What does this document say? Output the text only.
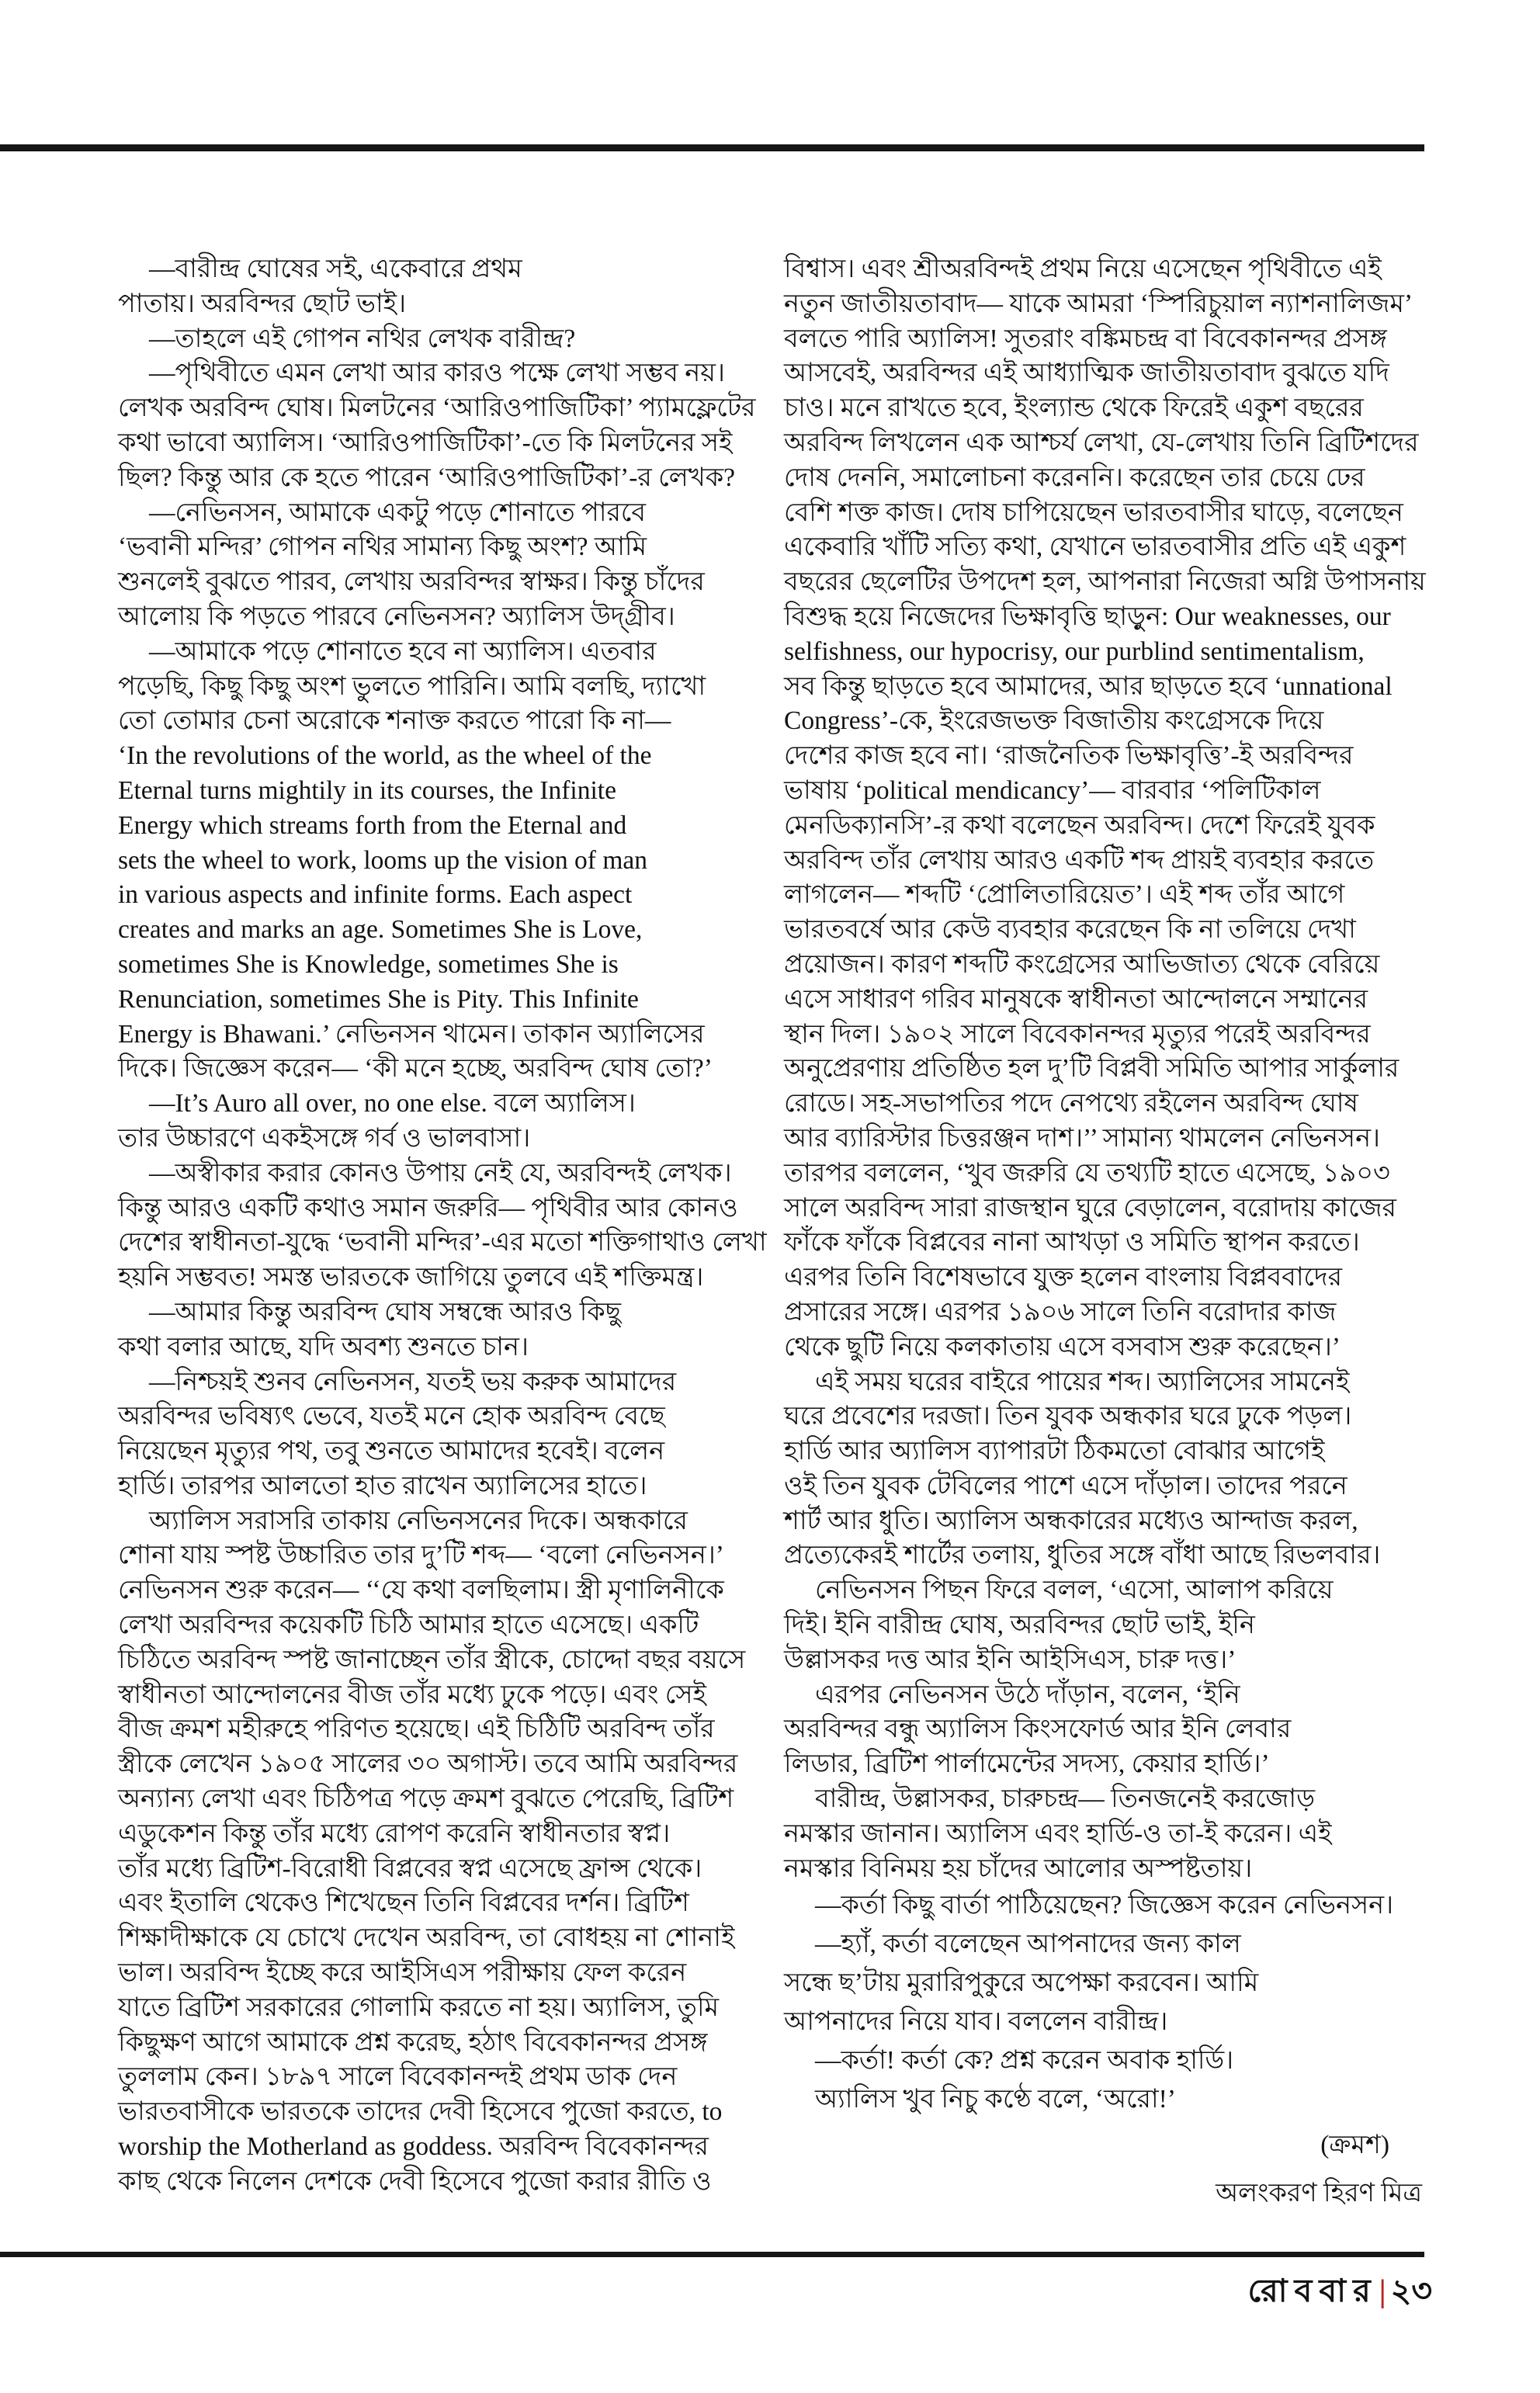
—বারীন্দ্র ঘোষের সই, একেবারে প্রথম
পাতায়। অরবিন্দর ছোট ভাই।
—তাহলে এই গোপন নথির লেখক বারীন্দ্র?
—পৃথিবীতে এমন লেখা আর কারও পক্ষে লেখা সম্ভব নয়।
লেখক অরবিন্দ ঘোষ। মিলটনের ‘আরিওপাজিটিকা’ প্যামফ্লেটের
কথা ভাবো অ্যালিস। ‘আরিওপাজিটিকা’-তে কি মিলটনের সই
ছিল? কিন্তু আর কে হতে পারেন ‘আরিওপাজিটিকা’-র লেখক?
—নেভিনসন, আমাকে একটু পড়ে শোনাতে পারবে
‘ভবানী মন্দির’ গোপন নথির সামান্য কিছু অংশ? আমি
শুনলেই বুঝতে পারব, লেখায় অরবিন্দর স্বাক্ষর। কিন্তু চাঁদের
আলোয় কি পড়তে পারবে নেভিনসন? অ্যালিস উদ্গ্রীব।
—আমাকে পড়ে শোনাতে হবে না অ্যালিস। এতবার
পড়েছি, কিছু কিছু অংশ ভুলতে পারিনি। আমি বলছি, দ্যাখো
তো তোমার চেনা অরোকে শনাক্ত করতে পারো কি না—
‘In the revolutions of the world, as the wheel of the
Eternal turns mightily in its courses, the Infinite
Energy which streams forth from the Eternal and
sets the wheel to work, looms up the vision of man
in various aspects and infinite forms. Each aspect
creates and marks an age. Sometimes She is Love,
sometimes She is Knowledge, sometimes She is
Renunciation, sometimes She is Pity. This Infinite
Energy is Bhawani.’ নেভিনসন থামেন। তাকান অ্যালিসের
দিকে। জিজ্ঞেস করেন— ‘কী মনে হচ্ছে, অরবিন্দ ঘোষ তো?’
—It’s Auro all over, no one else. বলে অ্যালিস।
তার উচ্চারণে একইসঙ্গে গর্ব ও ভালবাসা।
—অস্বীকার করার কোনও উপায় নেই যে, অরবিন্দই লেখক।
কিন্তু আরও একটি কথাও সমান জরুরি— পৃথিবীর আর কোনও
দেশের স্বাধীনতা-যুদ্ধে ‘ভবানী মন্দির’-এর মতো শক্তিগাথাও লেখা
হয়নি সম্ভবত! সমস্ত ভারতকে জাগিয়ে তুলবে এই শক্তিমন্ত্র।
—আমার কিন্তু অরবিন্দ ঘোষ সম্বন্ধে আরও কিছু
কথা বলার আছে, যদি অবশ্য শুনতে চান।
—নিশ্চয়ই শুনব নেভিনসন, যতই ভয় করুক আমাদের
অরবিন্দর ভবিষ্যৎ ভেবে, যতই মনে হোক অরবিন্দ বেছে
নিয়েছেন মৃত্যুর পথ, তবু শুনতে আমাদের হবেই। বলেন
হার্ডি। তারপর আলতো হাত রাখেন অ্যালিসের হাতে।
অ্যালিস সরাসরি তাকায় নেভিনসনের দিকে। অন্ধকারে
শোনা যায় স্পষ্ট উচ্চারিত তার দু’টি শব্দ— ‘বলো নেভিনসন।’
নেভিনসন শুরু করেন— ‘‘যে কথা বলছিলাম। স্ত্রী মৃণালিনীকে
লেখা অরবিন্দর কয়েকটি চিঠি আমার হাতে এসেছে। একটি
চিঠিতে অরবিন্দ স্পষ্ট জানাচ্ছেন তাঁর স্ত্রীকে, চোদ্দো বছর বয়সে
স্বাধীনতা আন্দোলনের বীজ তাঁর মধ্যে ঢুকে পড়ে। এবং সেই
বীজ ক্রমশ মহীরুহে পরিণত হয়েছে। এই চিঠিটি অরবিন্দ তাঁর
স্ত্রীকে লেখেন ১৯০৫ সালের ৩০ অগাস্ট। তবে আমি অরবিন্দর
অন্যান্য লেখা এবং চিঠিপত্র পড়ে ক্রমশ বুঝতে পেরেছি, ব্রিটিশ
এডুকেশন কিন্তু তাঁর মধ্যে রোপণ করেনি স্বাধীনতার স্বপ্ন।
তাঁর মধ্যে ব্রিটিশ-বিরোধী বিপ্লবের স্বপ্ন এসেছে ফ্রান্স থেকে।
এবং ইতালি থেকেও শিখেছেন তিনি বিপ্লবের দর্শন। ব্রিটিশ
শিক্ষাদীক্ষাকে যে চোখে দেখেন অরবিন্দ, তা বোধহয় না শোনাই
ভাল। অরবিন্দ ইচ্ছে করে আইসিএস পরীক্ষায় ফেল করেন
যাতে ব্রিটিশ সরকারের গোলামি করতে না হয়। অ্যালিস, তুমি
কিছুক্ষণ আগে আমাকে প্রশ্ন করেছ, হঠাৎ বিবেকানন্দর প্রসঙ্গ
তুললাম কেন। ১৮৯৭ সালে বিবেকানন্দই প্রথম ডাক দেন
ভারতবাসীকে ভারতকে তাদের দেবী হিসেবে পুজো করতে, to
worship the Motherland as goddess. অরবিন্দ বিবেকানন্দর
কাছ থেকে নিলেন দেশকে দেবী হিসেবে পুজো করার রীতি ও
বিশ্বাস। এবং শ্রীঅরবিন্দই প্রথম নিয়ে এসেছেন পৃথিবীতে এই
নতুন জাতীয়তাবাদ— যাকে আমরা ‘স্পিরিচুয়াল ন্যাশনালিজম’
বলতে পারি অ্যালিস! সুতরাং বঙ্কিমচন্দ্র বা বিবেকানন্দর প্রসঙ্গ
আসবেই, অরবিন্দর এই আধ্যাত্মিক জাতীয়তাবাদ বুঝতে যদি
চাও। মনে রাখতে হবে, ইংল্যান্ড থেকে ফিরেই একুশ বছরের
অরবিন্দ লিখলেন এক আশ্চর্য লেখা, যে-লেখায় তিনি ব্রিটিশদের
দোষ দেননি, সমালোচনা করেননি। করেছেন তার চেয়ে ঢের
বেশি শক্ত কাজ। দোষ চাপিয়েছেন ভারতবাসীর ঘাড়ে, বলেছেন
একেবারি খাঁটি সত্যি কথা, যেখানে ভারতবাসীর প্রতি এই একুশ
বছরের ছেলেটির উপদেশ হল, আপনারা নিজেরা অগ্নি উপাসনায়
বিশুদ্ধ হয়ে নিজেদের ভিক্ষাবৃত্তি ছাড়ুন: Our weaknesses, our
selfishness, our hypocrisy, our purblind sentimentalism,
সব কিন্তু ছাড়তে হবে আমাদের, আর ছাড়তে হবে ‘unnational
Congress’-কে, ইংরেজভক্ত বিজাতীয় কংগ্রেসকে দিয়ে
দেশের কাজ হবে না। ‘রাজনৈতিক ভিক্ষাবৃত্তি’-ই অরবিন্দর
ভাষায় ‘political mendicancy’— বারবার ‘পলিটিকাল
মেনডিক্যানসি’-র কথা বলেছেন অরবিন্দ। দেশে ফিরেই যুবক
অরবিন্দ তাঁর লেখায় আরও একটি শব্দ প্রায়ই ব্যবহার করতে
লাগলেন— শব্দটি ‘প্রোলিতারিয়েত’। এই শব্দ তাঁর আগে
ভারতবর্ষে আর কেউ ব্যবহার করেছেন কি না তলিয়ে দেখা
প্রয়োজন। কারণ শব্দটি কংগ্রেসের আভিজাত্য থেকে বেরিয়ে
এসে সাধারণ গরিব মানুষকে স্বাধীনতা আন্দোলনে সম্মানের
স্থান দিল। ১৯০২ সালে বিবেকানন্দর মৃত্যুর পরেই অরবিন্দর
অনুপ্রেরণায় প্রতিষ্ঠিত হল দু’টি বিপ্লবী সমিতি আপার সার্কুলার
রোডে। সহ-সভাপতির পদে নেপথ্যে রইলেন অরবিন্দ ঘোষ
আর ব্যারিস্টার চিত্তরঞ্জন দাশ।’’ সামান্য থামলেন নেভিনসন।
তারপর বললেন, ‘খুব জরুরি যে তথ্যটি হাতে এসেছে, ১৯০৩
সালে অরবিন্দ সারা রাজস্থান ঘুরে বেড়ালেন, বরোদায় কাজের
ফাঁকে ফাঁকে বিপ্লবের নানা আখড়া ও সমিতি স্থাপন করতে।
এরপর তিনি বিশেষভাবে যুক্ত হলেন বাংলায় বিপ্লববাদের
প্রসারের সঙ্গে। এরপর ১৯০৬ সালে তিনি বরোদার কাজ
থেকে ছুটি নিয়ে কলকাতায় এসে বসবাস শুরু করেছেন।’
এই সময় ঘরের বাইরে পায়ের শব্দ। অ্যালিসের সামনেই
ঘরে প্রবেশের দরজা। তিন যুবক অন্ধকার ঘরে ঢুকে পড়ল।
হার্ডি আর অ্যালিস ব্যাপারটা ঠিকমতো বোঝার আগেই
ওই তিন যুবক টেবিলের পাশে এসে দাঁড়াল। তাদের পরনে
শার্ট আর ধুতি। অ্যালিস অন্ধকারের মধ্যেও আন্দাজ করল,
প্রত্যেকেরই শার্টের তলায়, ধুতির সঙ্গে বাঁধা আছে রিভলবার।
নেভিনসন পিছন ফিরে বলল, ‘এসো, আলাপ করিয়ে
দিই। ইনি বারীন্দ্র ঘোষ, অরবিন্দর ছোট ভাই, ইনি
উল্লাসকর দত্ত আর ইনি আইসিএস, চারু দত্ত।’
এরপর নেভিনসন উঠে দাঁড়ান, বলেন, ‘ইনি
অরবিন্দর বন্ধু অ্যালিস কিংসফোর্ড আর ইনি লেবার
লিডার, ব্রিটিশ পার্লামেন্টের সদস্য, কেয়ার হার্ডি।’
বারীন্দ্র, উল্লাসকর, চারুচন্দ্র— তিনজনেই করজোড়
নমস্কার জানান। অ্যালিস এবং হার্ডি-ও তা-ই করেন। এই
নমস্কার বিনিময় হয় চাঁদের আলোর অস্পষ্টতায়।
—কর্তা কিছু বার্তা পাঠিয়েছেন? জিজ্ঞেস করেন নেভিনসন।
—হ্যাঁ, কর্তা বলেছেন আপনাদের জন্য কাল
সন্ধে ছ’টায় মুরারিপুকুরে অপেক্ষা করবেন। আমি
আপনাদের নিয়ে যাব। বললেন বারীন্দ্র।
—কর্তা! কর্তা কে? প্রশ্ন করেন অবাক হার্ডি।
অ্যালিস খুব নিচু কণ্ঠে বলে, ‘অরো!’
(ক্রমশ)
অলংকরণ হিরণ মিত্র
রোববার| ২৩
